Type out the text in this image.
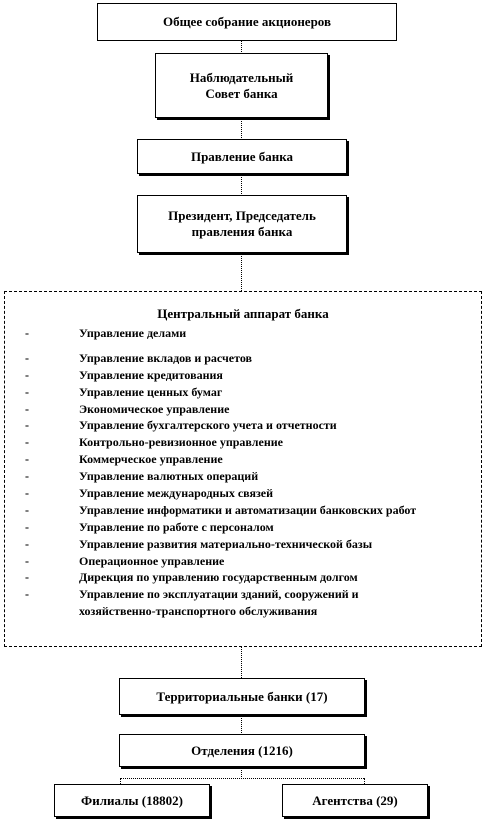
Общее собрание акционеров
Наблюдательный
Совет банка
Правление банка
Президент, Председатель
правления банка
Центральный аппарат банка
-	Управление делами
-	Управление вкладов и расчетов
-	Управление кредитования
-	Управление ценных бумаг
-	Экономическое управление
-	Управление бухгалтерского учета и отчетности
-	Контрольно-ревизионное управление
-	Коммерческое управление
-	Управление валютных операций
-	Управление международных связей
-	Управление информатики и автоматизации банковских работ
-	Управление по работе с персоналом
-	Управление развития материально-технической базы
-	Операционное управление
-	Дирекция по управлению государственным долгом
-	Управление по эксплуатации зданий, сооружений и
хозяйственно-транспортного обслуживания
Территориальные банки (17)
Отделения (1216)
Филиалы (18802)	Агентства (29)
